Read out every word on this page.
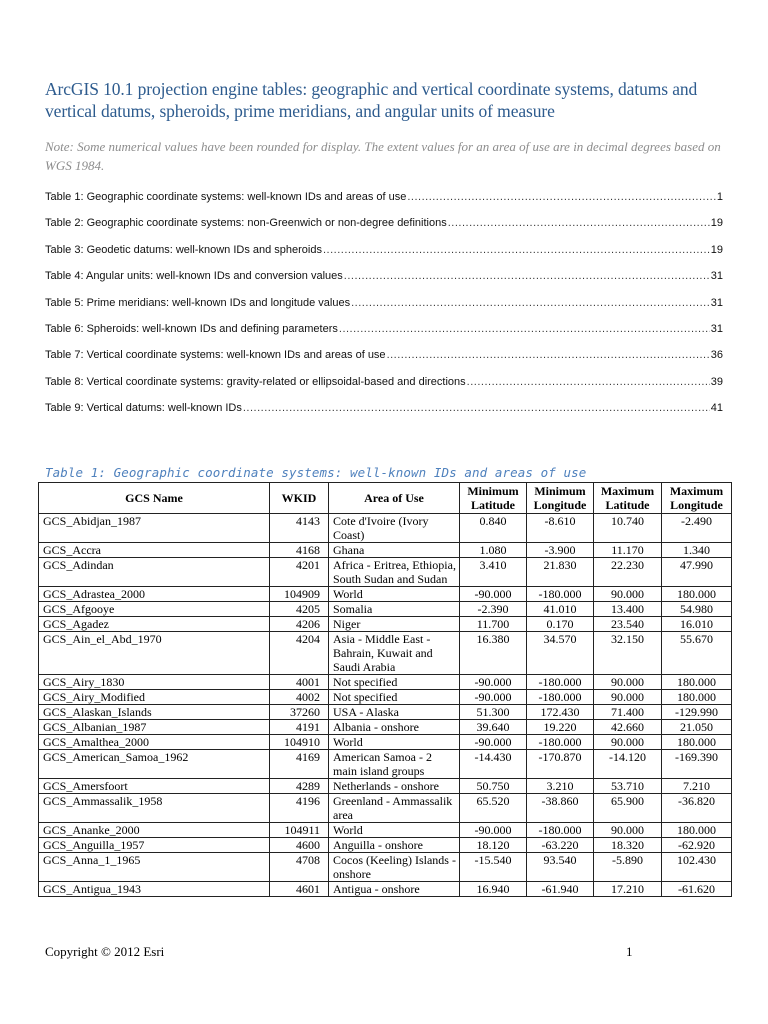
ArcGIS 10.1 projection engine tables: geographic and vertical coordinate systems, datums and vertical datums, spheroids, prime meridians, and angular units of measure
Note: Some numerical values have been rounded for display. The extent values for an area of use are in decimal degrees based on WGS 1984.
Table 1: Geographic coordinate systems: well-known IDs and areas of use .....	1
Table 2: Geographic coordinate systems: non-Greenwich or non-degree definitions .....	19
Table 3: Geodetic datums: well-known IDs and spheroids .....	19
Table 4: Angular units: well-known IDs and conversion values .....	31
Table 5: Prime meridians: well-known IDs and longitude values .....	31
Table 6: Spheroids: well-known IDs and defining parameters .....	31
Table 7: Vertical coordinate systems: well-known IDs and areas of use .....	36
Table 8: Vertical coordinate systems: gravity-related or ellipsoidal-based and directions .....	39
Table 9: Vertical datums: well-known IDs .....	41
Table 1: Geographic coordinate systems: well-known IDs and areas of use
GCS Name	WKID	Area of Use	Minimum Latitude	Minimum Longitude	Maximum Latitude	Maximum Longitude
GCS_Abidjan_1987	4143	Cote d'Ivoire (Ivory Coast)	0.840	-8.610	10.740	-2.490
GCS_Accra	4168	Ghana	1.080	-3.900	11.170	1.340
GCS_Adindan	4201	Africa - Eritrea, Ethiopia, South Sudan and Sudan	3.410	21.830	22.230	47.990
GCS_Adrastea_2000	104909	World	-90.000	-180.000	90.000	180.000
GCS_Afgooye	4205	Somalia	-2.390	41.010	13.400	54.980
GCS_Agadez	4206	Niger	11.700	0.170	23.540	16.010
GCS_Ain_el_Abd_1970	4204	Asia - Middle East - Bahrain, Kuwait and Saudi Arabia	16.380	34.570	32.150	55.670
GCS_Airy_1830	4001	Not specified	-90.000	-180.000	90.000	180.000
GCS_Airy_Modified	4002	Not specified	-90.000	-180.000	90.000	180.000
GCS_Alaskan_Islands	37260	USA - Alaska	51.300	172.430	71.400	-129.990
GCS_Albanian_1987	4191	Albania - onshore	39.640	19.220	42.660	21.050
GCS_Amalthea_2000	104910	World	-90.000	-180.000	90.000	180.000
GCS_American_Samoa_1962	4169	American Samoa - 2 main island groups	-14.430	-170.870	-14.120	-169.390
GCS_Amersfoort	4289	Netherlands - onshore	50.750	3.210	53.710	7.210
GCS_Ammassalik_1958	4196	Greenland - Ammassalik area	65.520	-38.860	65.900	-36.820
GCS_Ananke_2000	104911	World	-90.000	-180.000	90.000	180.000
GCS_Anguilla_1957	4600	Anguilla - onshore	18.120	-63.220	18.320	-62.920
GCS_Anna_1_1965	4708	Cocos (Keeling) Islands - onshore	-15.540	93.540	-5.890	102.430
GCS_Antigua_1943	4601	Antigua - onshore	16.940	-61.940	17.210	-61.620
Copyright © 2012 Esri	1
